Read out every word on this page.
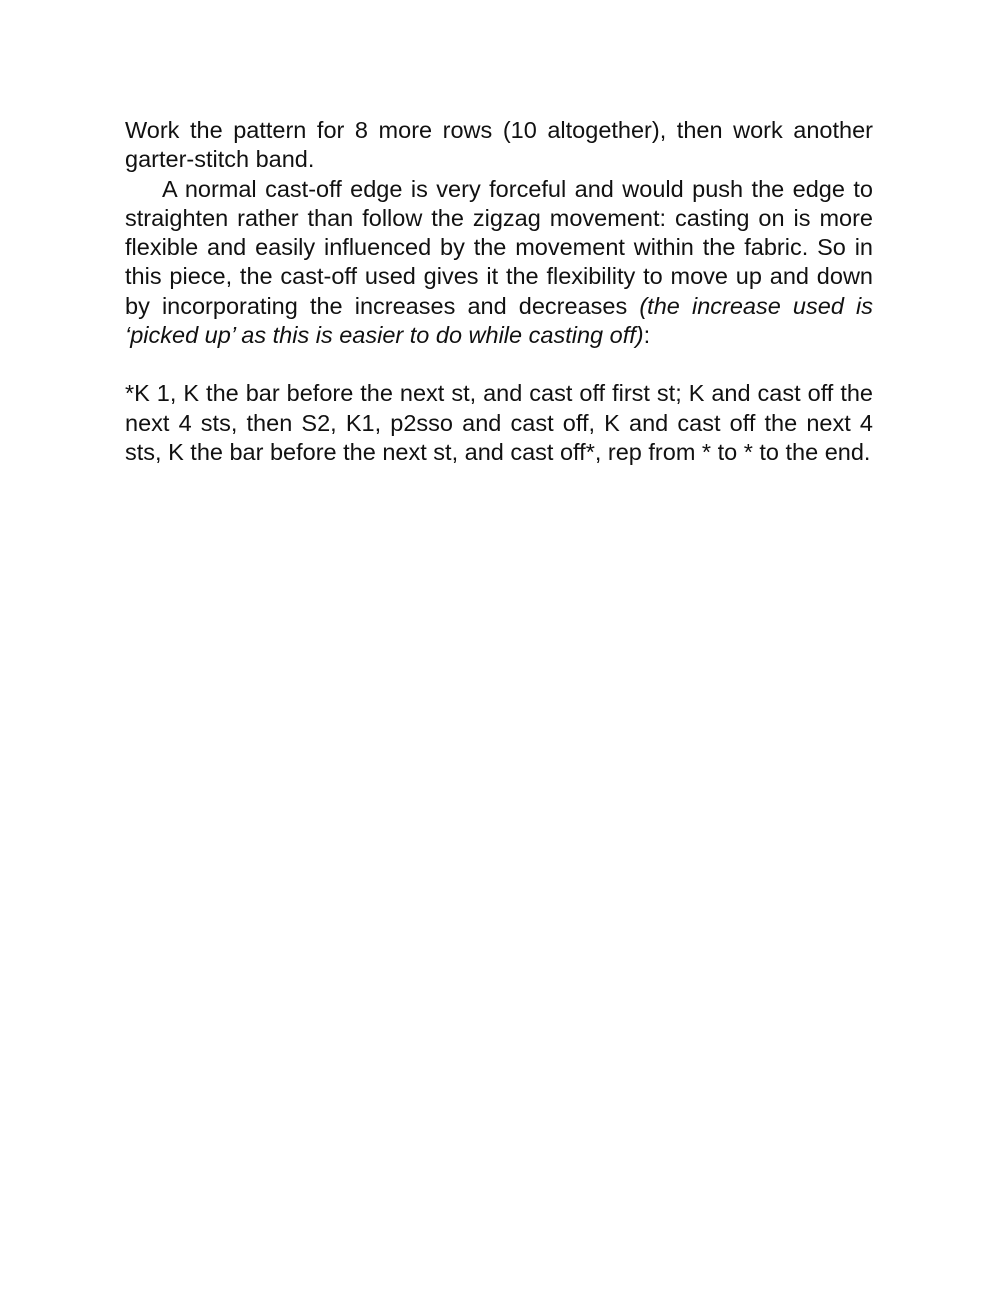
Work the pattern for 8 more rows (10 altogether), then work another garter-stitch band.

A normal cast-off edge is very forceful and would push the edge to straighten rather than follow the zigzag movement: casting on is more flexible and easily influenced by the movement within the fabric. So in this piece, the cast-off used gives it the flexibility to move up and down by incorporating the increases and decreases (the increase used is ‘picked up’ as this is easier to do while casting off):

*K 1, K the bar before the next st, and cast off first st; K and cast off the next 4 sts, then S2, K1, p2sso and cast off, K and cast off the next 4 sts, K the bar before the next st, and cast off*, rep from * to * to the end.
